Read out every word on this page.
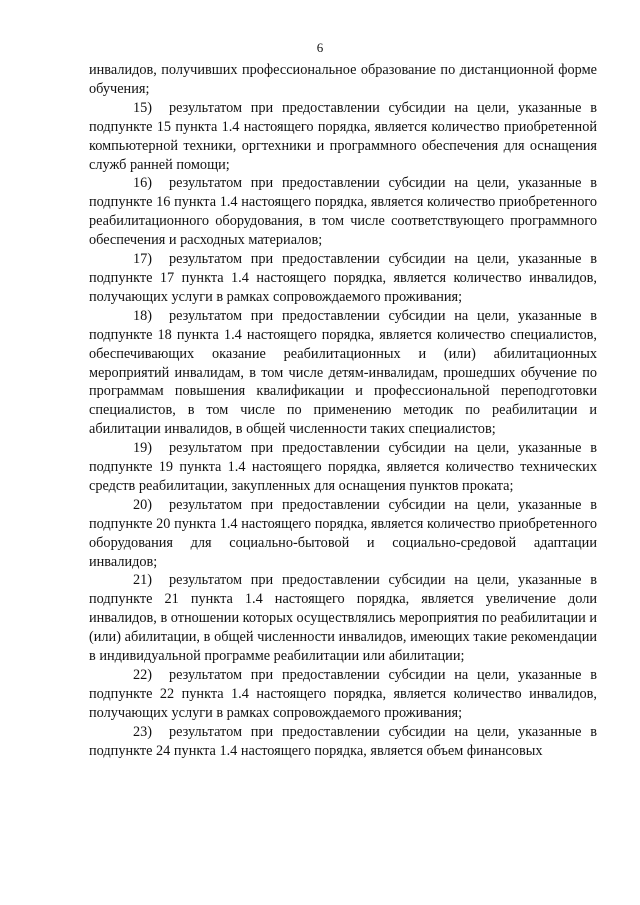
6

инвалидов, получивших профессиональное образование по дистанционной форме обучения;

15) результатом при предоставлении субсидии на цели, указанные в подпункте 15 пункта 1.4 настоящего порядка, является количество приобретенной компьютерной техники, оргтехники и программного обеспечения для оснащения служб ранней помощи;

16) результатом при предоставлении субсидии на цели, указанные в подпункте 16 пункта 1.4 настоящего порядка, является количество приобретенного реабилитационного оборудования, в том числе соответствующего программного обеспечения и расходных материалов;

17) результатом при предоставлении субсидии на цели, указанные в подпункте 17 пункта 1.4 настоящего порядка, является количество инвалидов, получающих услуги в рамках сопровождаемого проживания;

18) результатом при предоставлении субсидии на цели, указанные в подпункте 18 пункта 1.4 настоящего порядка, является количество специалистов, обеспечивающих оказание реабилитационных и (или) абилитационных мероприятий инвалидам, в том числе детям-инвалидам, прошедших обучение по программам повышения квалификации и профессиональной переподготовки специалистов, в том числе по применению методик по реабилитации и абилитации инвалидов, в общей численности таких специалистов;

19) результатом при предоставлении субсидии на цели, указанные в подпункте 19 пункта 1.4 настоящего порядка, является количество технических средств реабилитации, закупленных для оснащения пунктов проката;

20) результатом при предоставлении субсидии на цели, указанные в подпункте 20 пункта 1.4 настоящего порядка, является количество приобретенного оборудования для социально-бытовой и социально-средовой адаптации инвалидов;

21) результатом при предоставлении субсидии на цели, указанные в подпункте 21 пункта 1.4 настоящего порядка, является увеличение доли инвалидов, в отношении которых осуществлялись мероприятия по реабилитации и (или) абилитации, в общей численности инвалидов, имеющих такие рекомендации в индивидуальной программе реабилитации или абилитации;

22) результатом при предоставлении субсидии на цели, указанные в подпункте 22 пункта 1.4 настоящего порядка, является количество инвалидов, получающих услуги в рамках сопровождаемого проживания;

23) результатом при предоставлении субсидии на цели, указанные в подпункте 24 пункта 1.4 настоящего порядка, является объем финансовых
